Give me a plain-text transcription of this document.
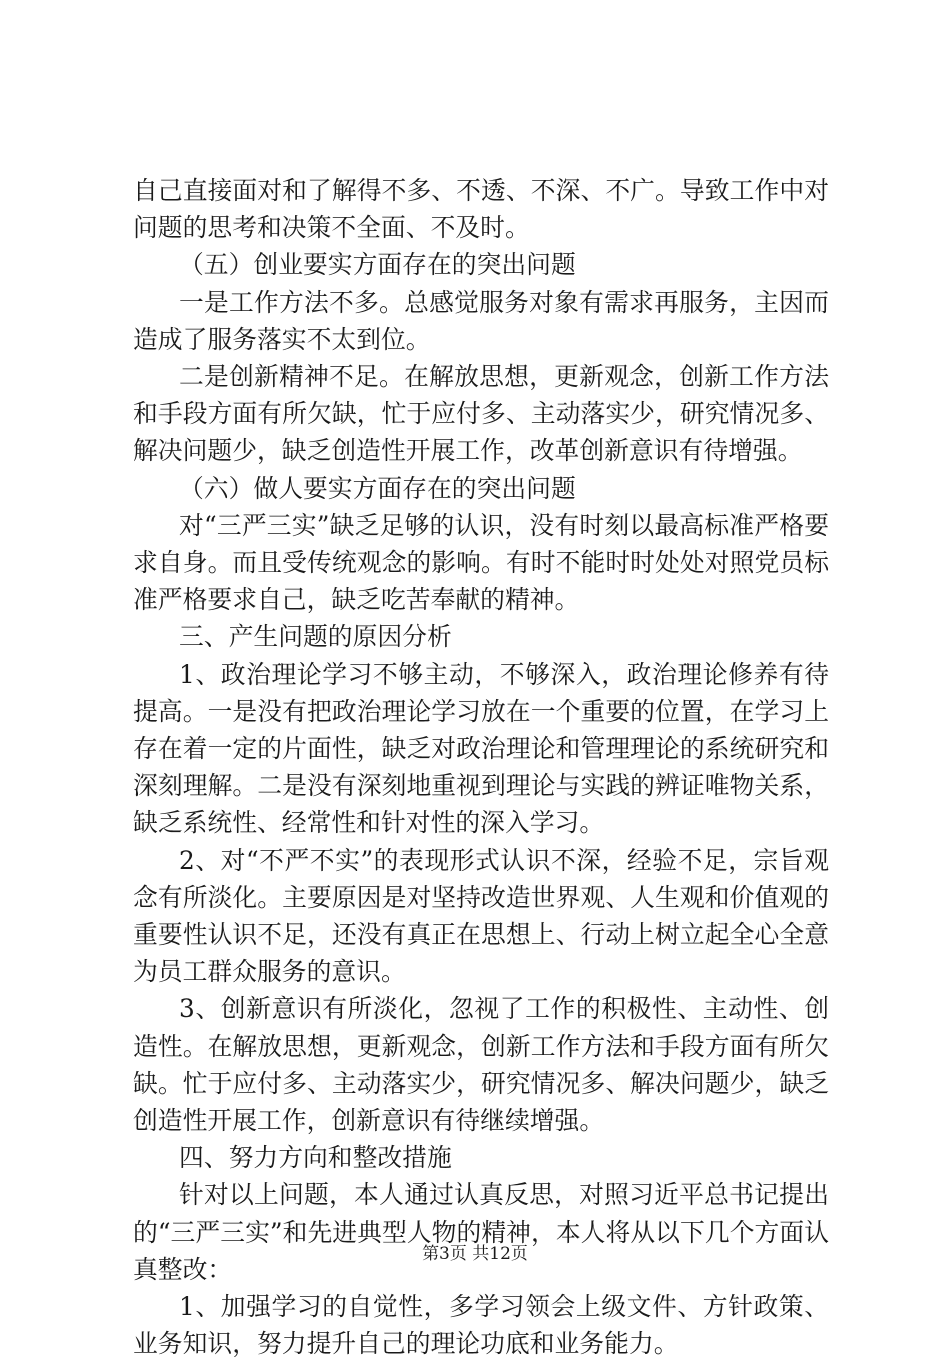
自己直接面对和了解得不多、不透、不深、不广。导致工作中对问题的思考和决策不全面、不及时。

（五）创业要实方面存在的突出问题

一是工作方法不多。总感觉服务对象有需求再服务，主因而造成了服务落实不太到位。

二是创新精神不足。在解放思想，更新观念，创新工作方法和手段方面有所欠缺，忙于应付多、主动落实少，研究情况多、解决问题少，缺乏创造性开展工作，改革创新意识有待增强。

（六）做人要实方面存在的突出问题

对“三严三实”缺乏足够的认识，没有时刻以最高标准严格要求自身。而且受传统观念的影响。有时不能时时处处对照党员标准严格要求自己，缺乏吃苦奉献的精神。

三、产生问题的原因分析

1、政治理论学习不够主动，不够深入，政治理论修养有待提高。一是没有把政治理论学习放在一个重要的位置，在学习上存在着一定的片面性，缺乏对政治理论和管理理论的系统研究和深刻理解。二是没有深刻地重视到理论与实践的辨证唯物关系，缺乏系统性、经常性和针对性的深入学习。

2、对“不严不实”的表现形式认识不深，经验不足，宗旨观念有所淡化。主要原因是对坚持改造世界观、人生观和价值观的重要性认识不足，还没有真正在思想上、行动上树立起全心全意为员工群众服务的意识。

3、创新意识有所淡化，忽视了工作的积极性、主动性、创造性。在解放思想，更新观念，创新工作方法和手段方面有所欠缺。忙于应付多、主动落实少，研究情况多、解决问题少，缺乏创造性开展工作，创新意识有待继续增强。

四、努力方向和整改措施

针对以上问题，本人通过认真反思，对照习近平总书记提出的“三严三实”和先进典型人物的精神，本人将从以下几个方面认真整改：

1、加强学习的自觉性，多学习领会上级文件、方针政策、业务知识，努力提升自己的理论功底和业务能力。

第3页 共12页
